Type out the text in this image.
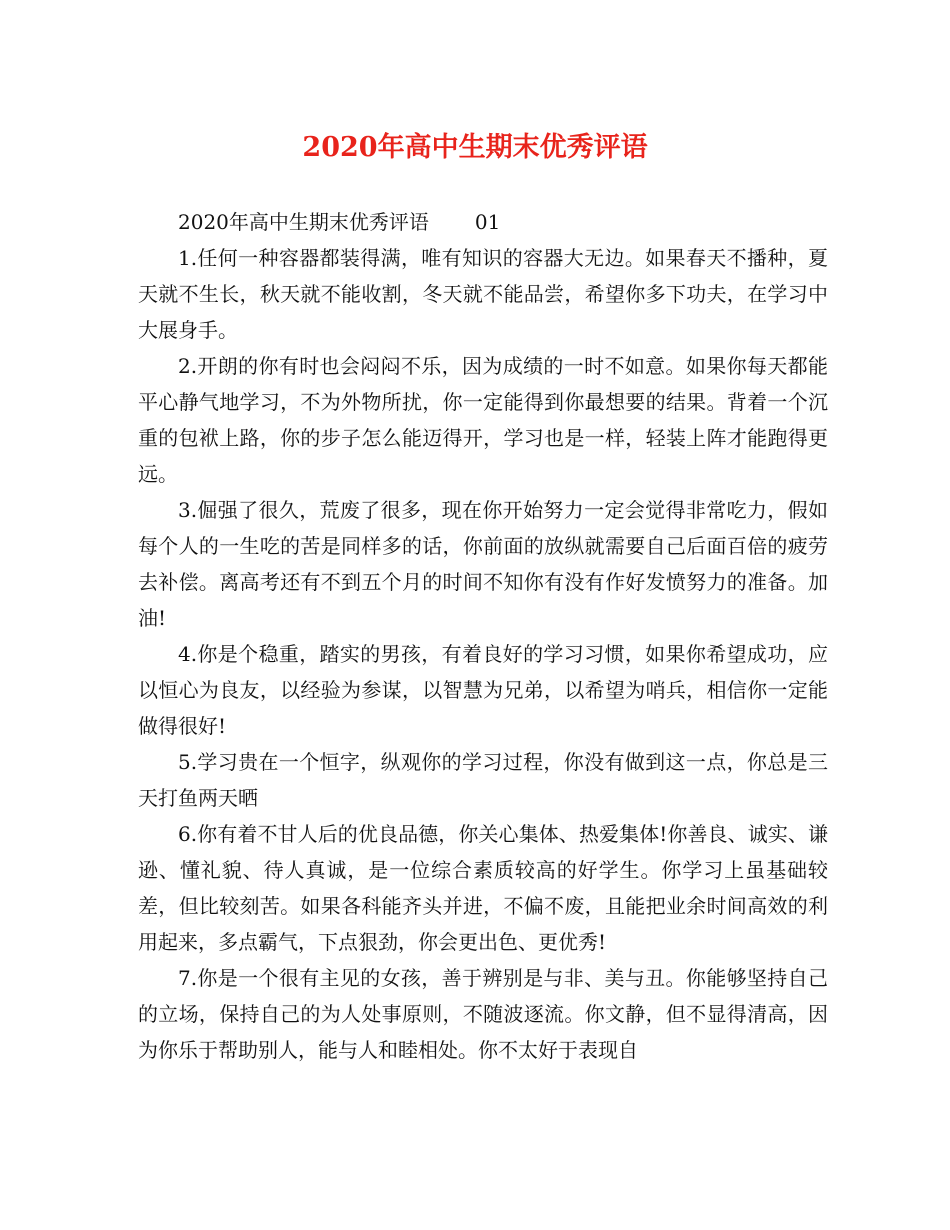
2020年高中生期末优秀评语

2020年高中生期末优秀评语 01

1.任何一种容器都装得满，唯有知识的容器大无边。如果春天不播种，夏天就不生长，秋天就不能收割，冬天就不能品尝，希望你多下功夫，在学习中大展身手。

2.开朗的你有时也会闷闷不乐，因为成绩的一时不如意。如果你每天都能平心静气地学习，不为外物所扰，你一定能得到你最想要的结果。背着一个沉重的包袱上路，你的步子怎么能迈得开，学习也是一样，轻装上阵才能跑得更远。

3.倔强了很久，荒废了很多，现在你开始努力一定会觉得非常吃力，假如每个人的一生吃的苦是同样多的话，你前面的放纵就需要自己后面百倍的疲劳去补偿。离高考还有不到五个月的时间不知你有没有作好发愤努力的准备。加油!

4.你是个稳重，踏实的男孩，有着良好的学习习惯，如果你希望成功，应以恒心为良友，以经验为参谋，以智慧为兄弟，以希望为哨兵，相信你一定能做得很好!

5.学习贵在一个恒字，纵观你的学习过程，你没有做到这一点，你总是三天打鱼两天晒

6.你有着不甘人后的优良品德，你关心集体、热爱集体!你善良、诚实、谦逊、懂礼貌、待人真诚，是一位综合素质较高的好学生。你学习上虽基础较差，但比较刻苦。如果各科能齐头并进，不偏不废，且能把业余时间高效的利用起来，多点霸气，下点狠劲，你会更出色、更优秀!

7.你是一个很有主见的女孩，善于辨别是与非、美与丑。你能够坚持自己的立场，保持自己的为人处事原则，不随波逐流。你文静，但不显得清高，因为你乐于帮助别人，能与人和睦相处。你不太好于表现自
